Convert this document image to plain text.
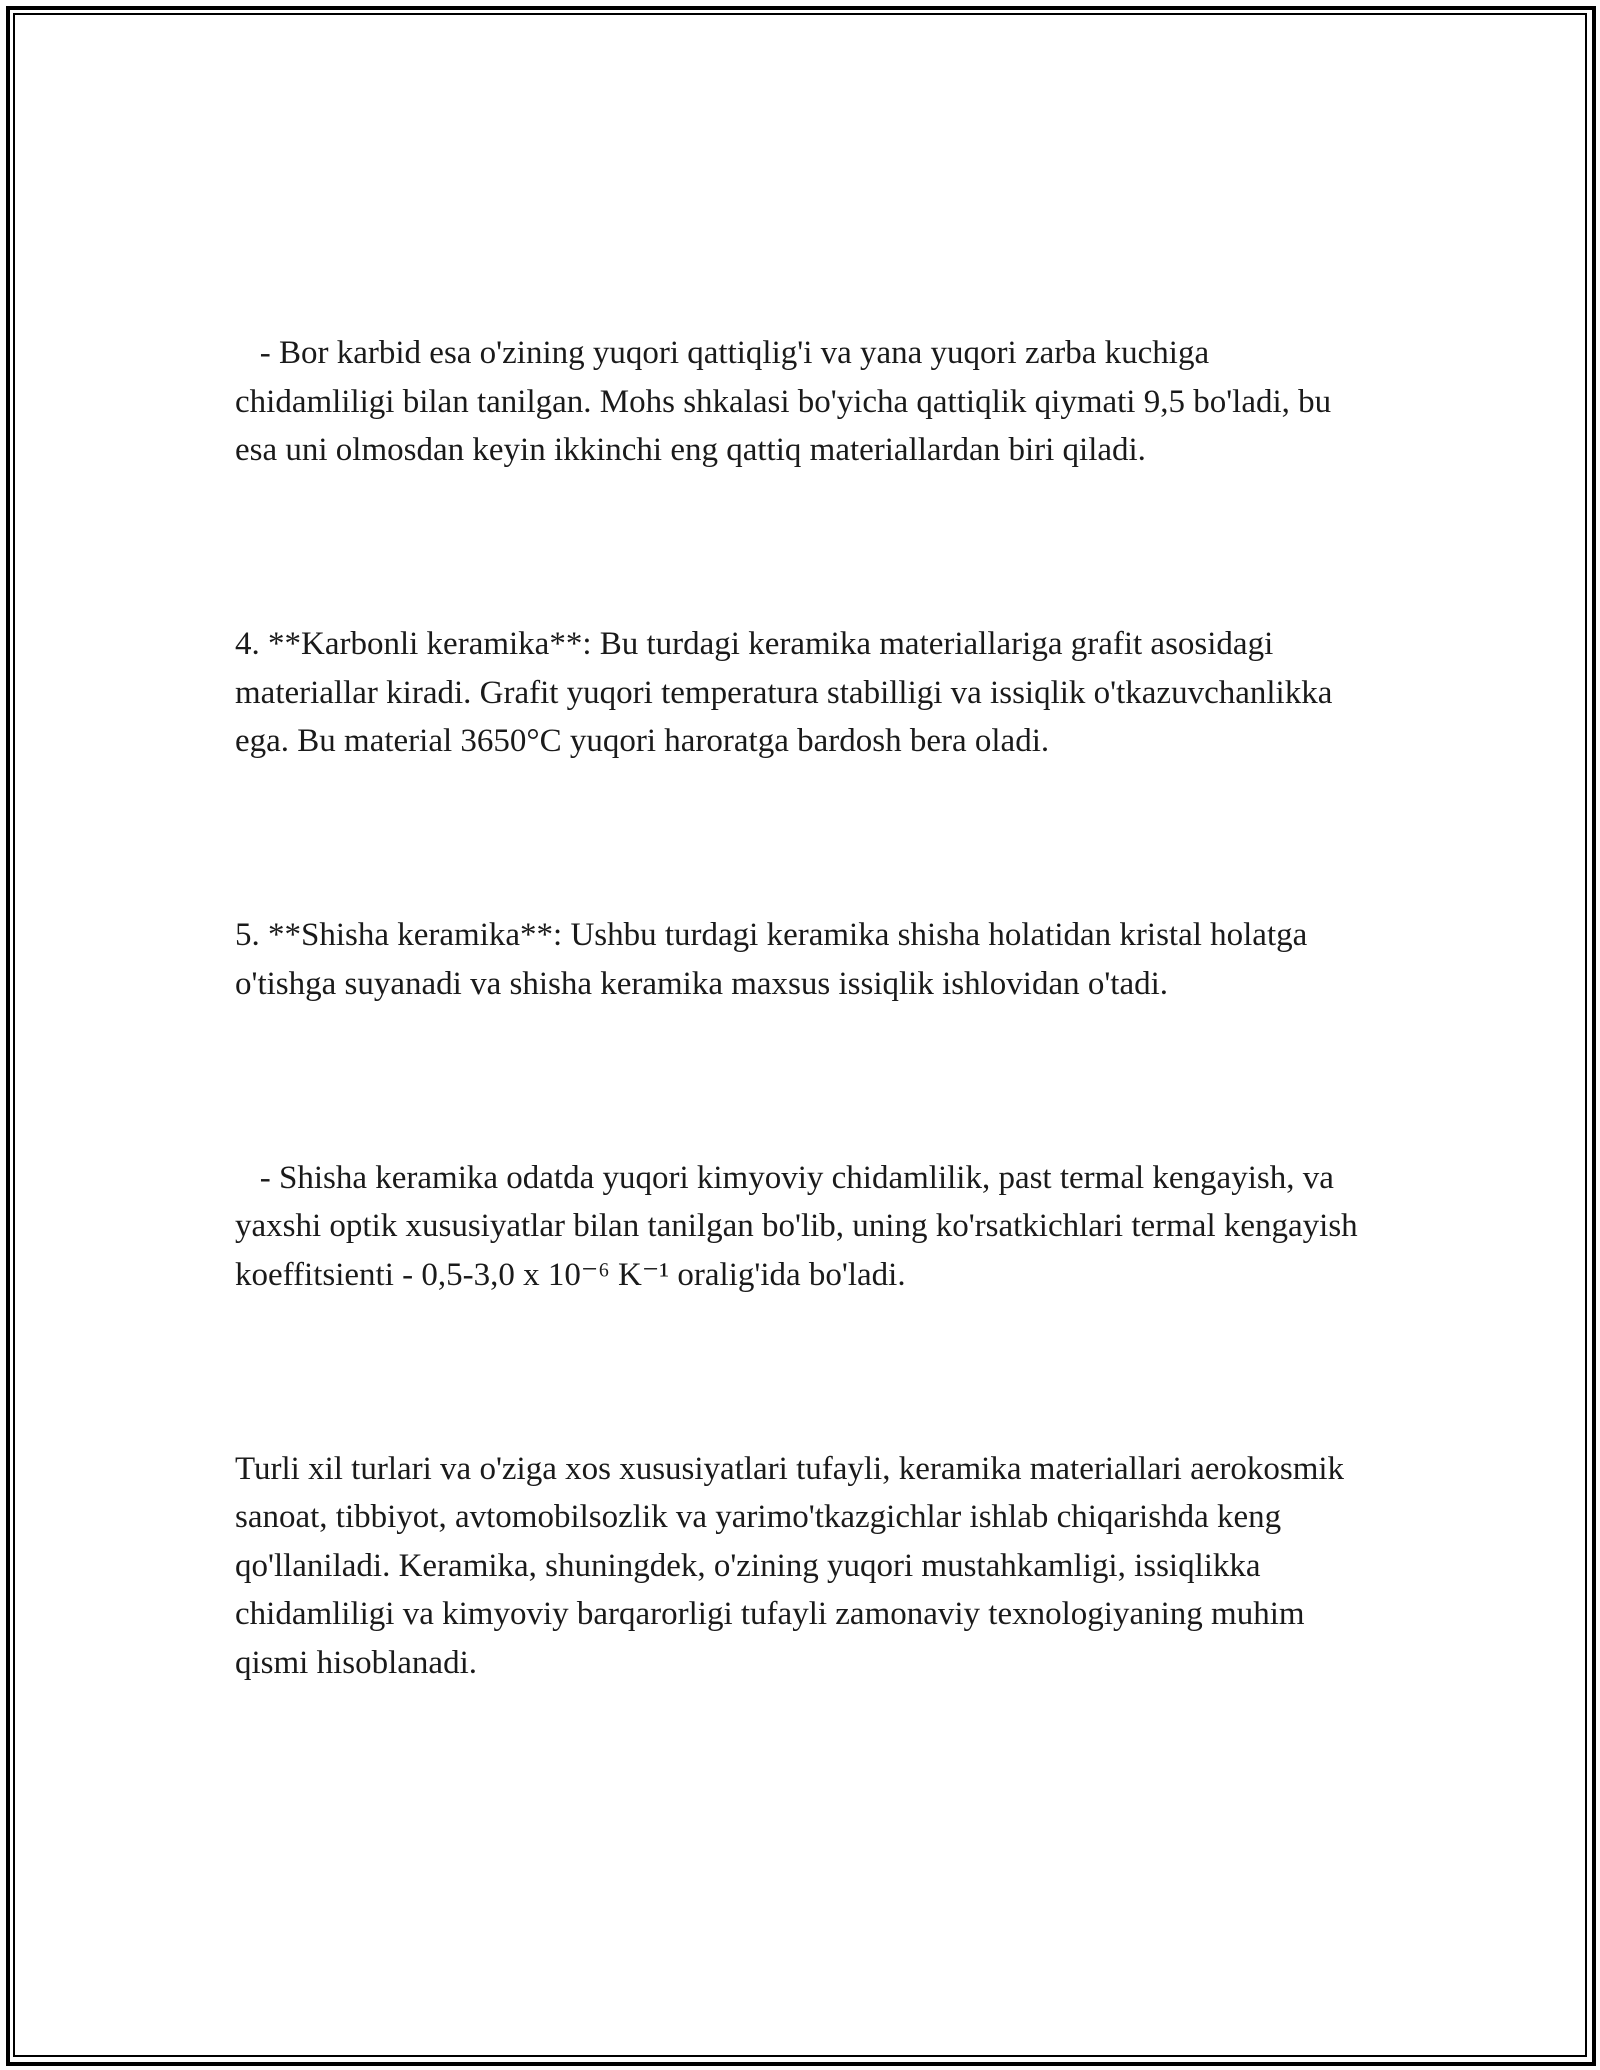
- Bor karbid esa o'zining yuqori qattiqlig'i va yana yuqori zarba kuchiga chidamliligi bilan tanilgan. Mohs shkalasi bo'yicha qattiqlik qiymati 9,5 bo'ladi, bu esa uni olmosdan keyin ikkinchi eng qattiq materiallardan biri qiladi.

4. **Karbonli keramika**: Bu turdagi keramika materiallariga grafit asosidagi materiallar kiradi. Grafit yuqori temperatura stabilligi va issiqlik o'tkazuvchanlikka ega. Bu material 3650°C yuqori haroratga bardosh bera oladi.

5. **Shisha keramika**: Ushbu turdagi keramika shisha holatidan kristal holatga o'tishga suyanadi va shisha keramika maxsus issiqlik ishlovidan o'tadi.

- Shisha keramika odatda yuqori kimyoviy chidamlilik, past termal kengayish, va yaxshi optik xususiyatlar bilan tanilgan bo'lib, uning ko'rsatkichlari termal kengayish koeffitsienti - 0,5-3,0 x 10⁻⁶ K⁻¹ oralig'ida bo'ladi.

Turli xil turlari va o'ziga xos xususiyatlari tufayli, keramika materiallari aerokosmik sanoat, tibbiyot, avtomobilsozlik va yarimo'tkazgichlar ishlab chiqarishda keng qo'llaniladi. Keramika, shuningdek, o'zining yuqori mustahkamligi, issiqlikka chidamliligi va kimyoviy barqarorligi tufayli zamonaviy texnologiyaning muhim qismi hisoblanadi.
